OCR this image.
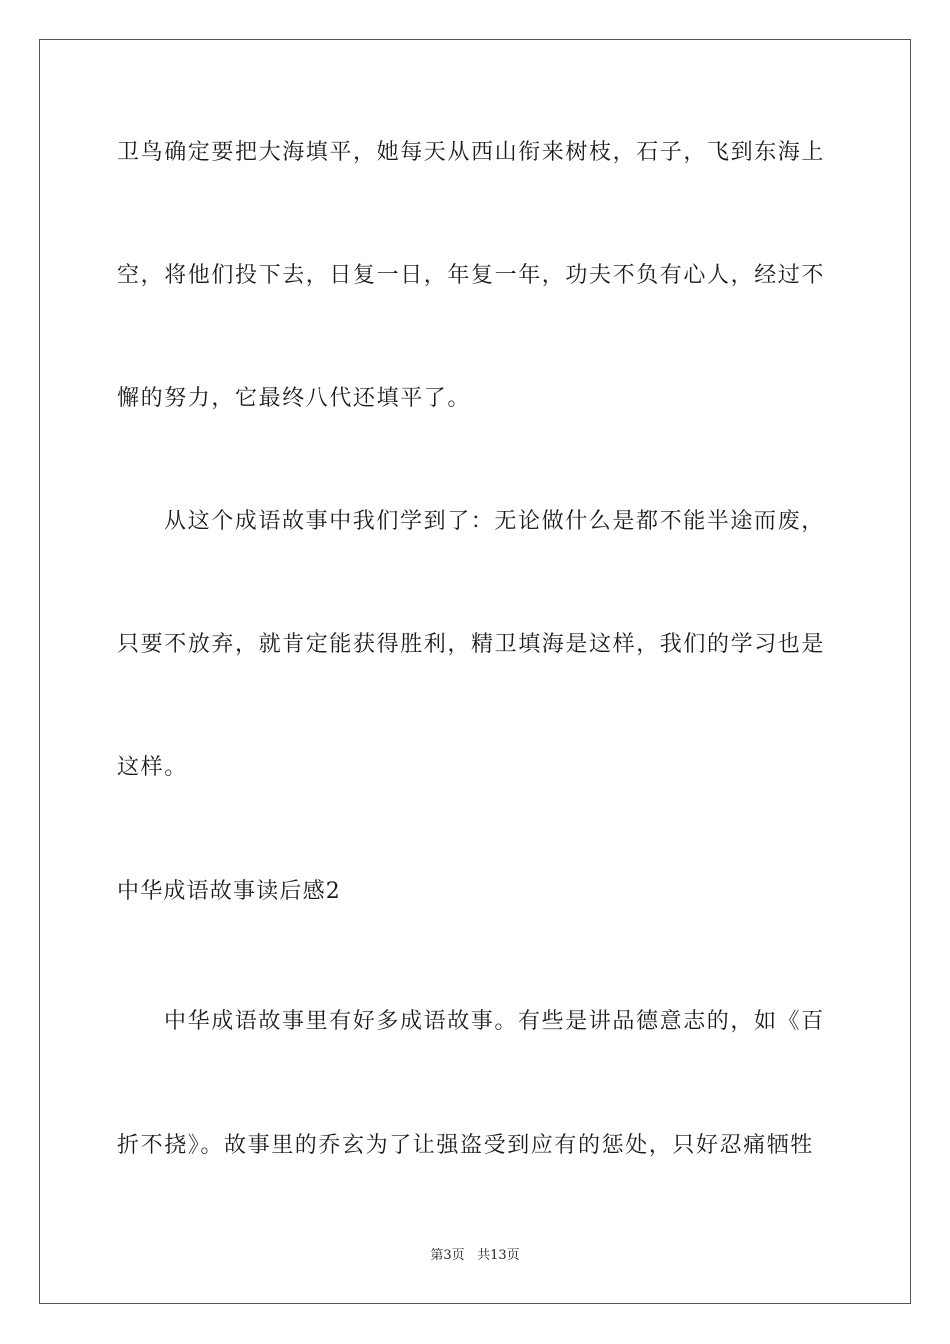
卫鸟确定要把大海填平，她每天从西山衔来树枝，石子，飞到东海上
空，将他们投下去，日复一日，年复一年，功夫不负有心人，经过不
懈的努力，它最终八代还填平了。
从这个成语故事中我们学到了：无论做什么是都不能半途而废，
只要不放弃，就肯定能获得胜利，精卫填海是这样，我们的学习也是
这样。
中华成语故事读后感2
中华成语故事里有好多成语故事。有些是讲品德意志的，如《百
折不挠》。故事里的乔玄为了让强盗受到应有的惩处，只好忍痛牺牲
第3页 共13页
